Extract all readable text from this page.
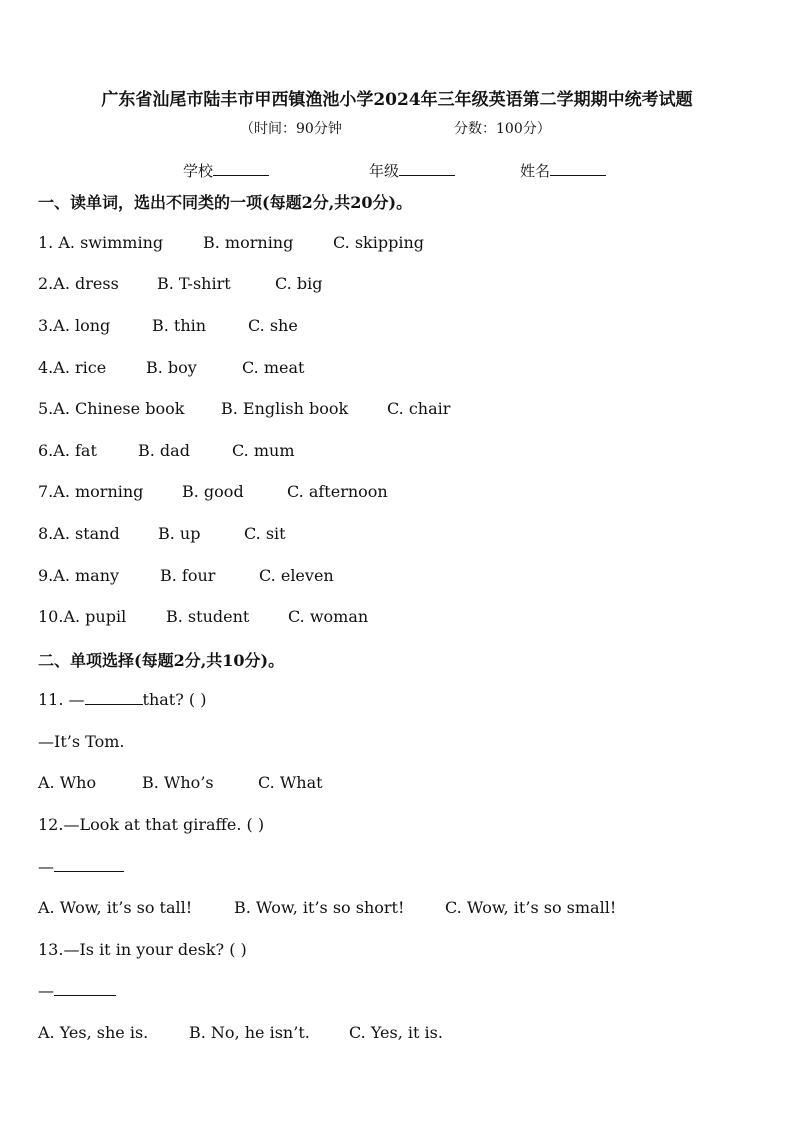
广东省汕尾市陆丰市甲西镇渔池小学2024年三年级英语第二学期期中统考试题
（时间：90分钟	分数：100分）
学校	年级	姓名
一、读单词，选出不同类的一项(每题2分,共20分)。
1. A. swimming B. morning C. skipping
2.A. dress B. T-shirt	C. big
3.A. long	B. thin	C. she
4.A. rice B. boy	C. meat
5.A. Chinese book B. English book C. chair
6.A. fat	B. dad	C. mum
7.A. morning B. good	C. afternoon
8.A. stand B. up	C. sit
9.A. many	B. four	C. eleven
10.A. pupil B. student C. woman
二、单项选择(每题2分,共10分)。
11. —	that? ( )
—It’s Tom.
A. Who	B. Who’s	C. What
12.—Look at that giraffe. ( )
—
A. Wow, it’s so tall!	B. Wow, it’s so short!	C. Wow, it’s so small!
13.—Is it in your desk? ( )
—
A. Yes, she is.	B. No, he isn’t. C. Yes, it is.
